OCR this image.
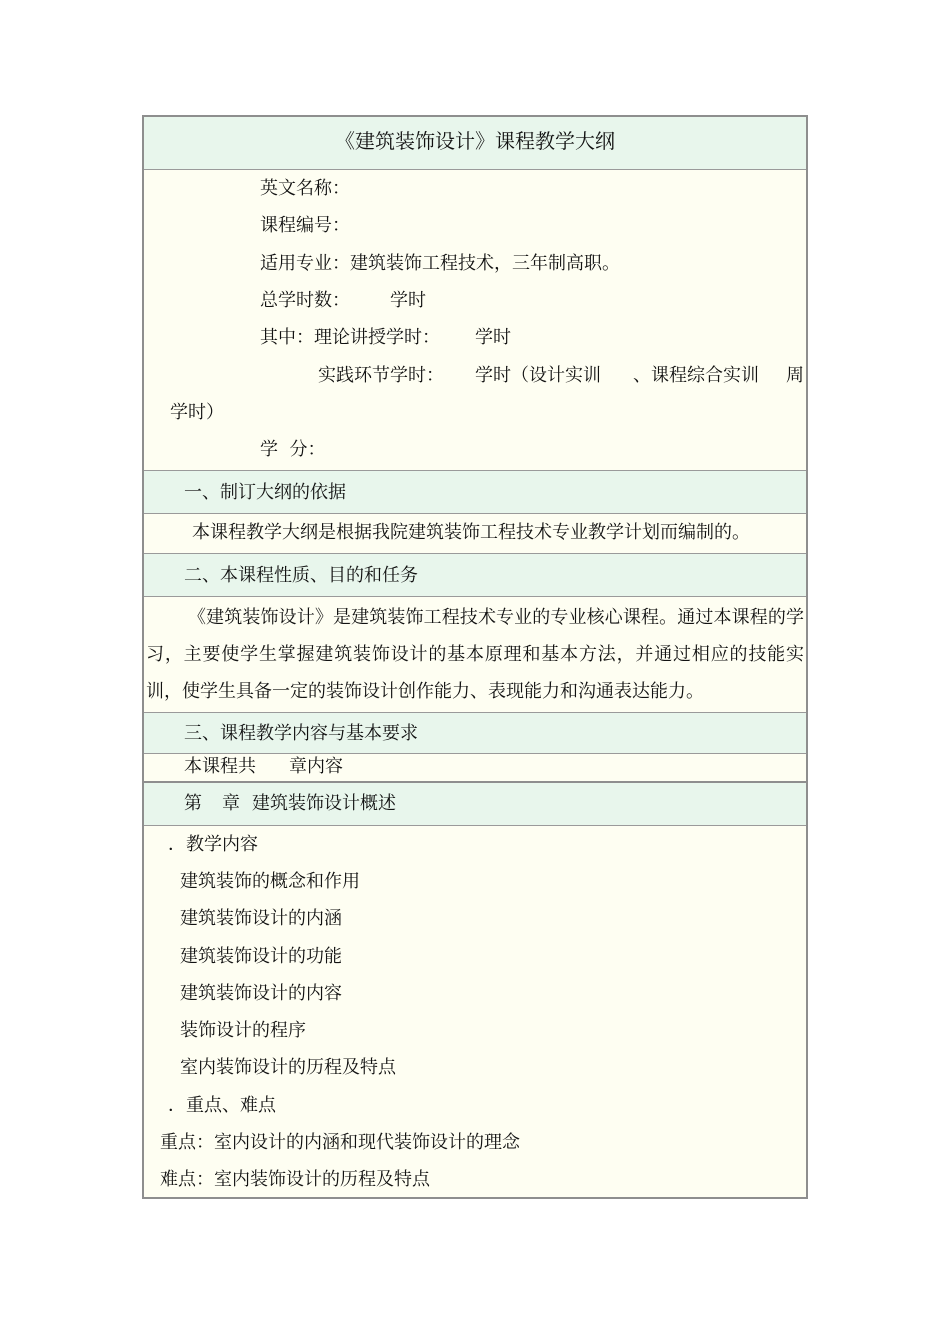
《建筑装饰设计》课程教学大纲
英文名称：
课程编号：
适用专业：建筑装饰工程技术，三年制高职。
总学时数： 学时
其中：理论讲授学时： 学时
实践环节学时： 学时（设计实训 、课程综合实训 周
学时）
学  分：
一、制订大纲的依据
本课程教学大纲是根据我院建筑装饰工程技术专业教学计划而编制的。
二、本课程性质、目的和任务
《建筑装饰设计》是建筑装饰工程技术专业的专业核心课程。通过本课程的学习，主要使学生掌握建筑装饰设计的基本原理和基本方法，并通过相应的技能实训，使学生具备一定的装饰设计创作能力、表现能力和沟通表达能力。
三、课程教学内容与基本要求
本课程共 章内容
第 章 建筑装饰设计概述
．教学内容
建筑装饰的概念和作用
建筑装饰设计的内涵
建筑装饰设计的功能
建筑装饰设计的内容
装饰设计的程序
室内装饰设计的历程及特点
．重点、难点
重点：室内设计的内涵和现代装饰设计的理念
难点：室内装饰设计的历程及特点
